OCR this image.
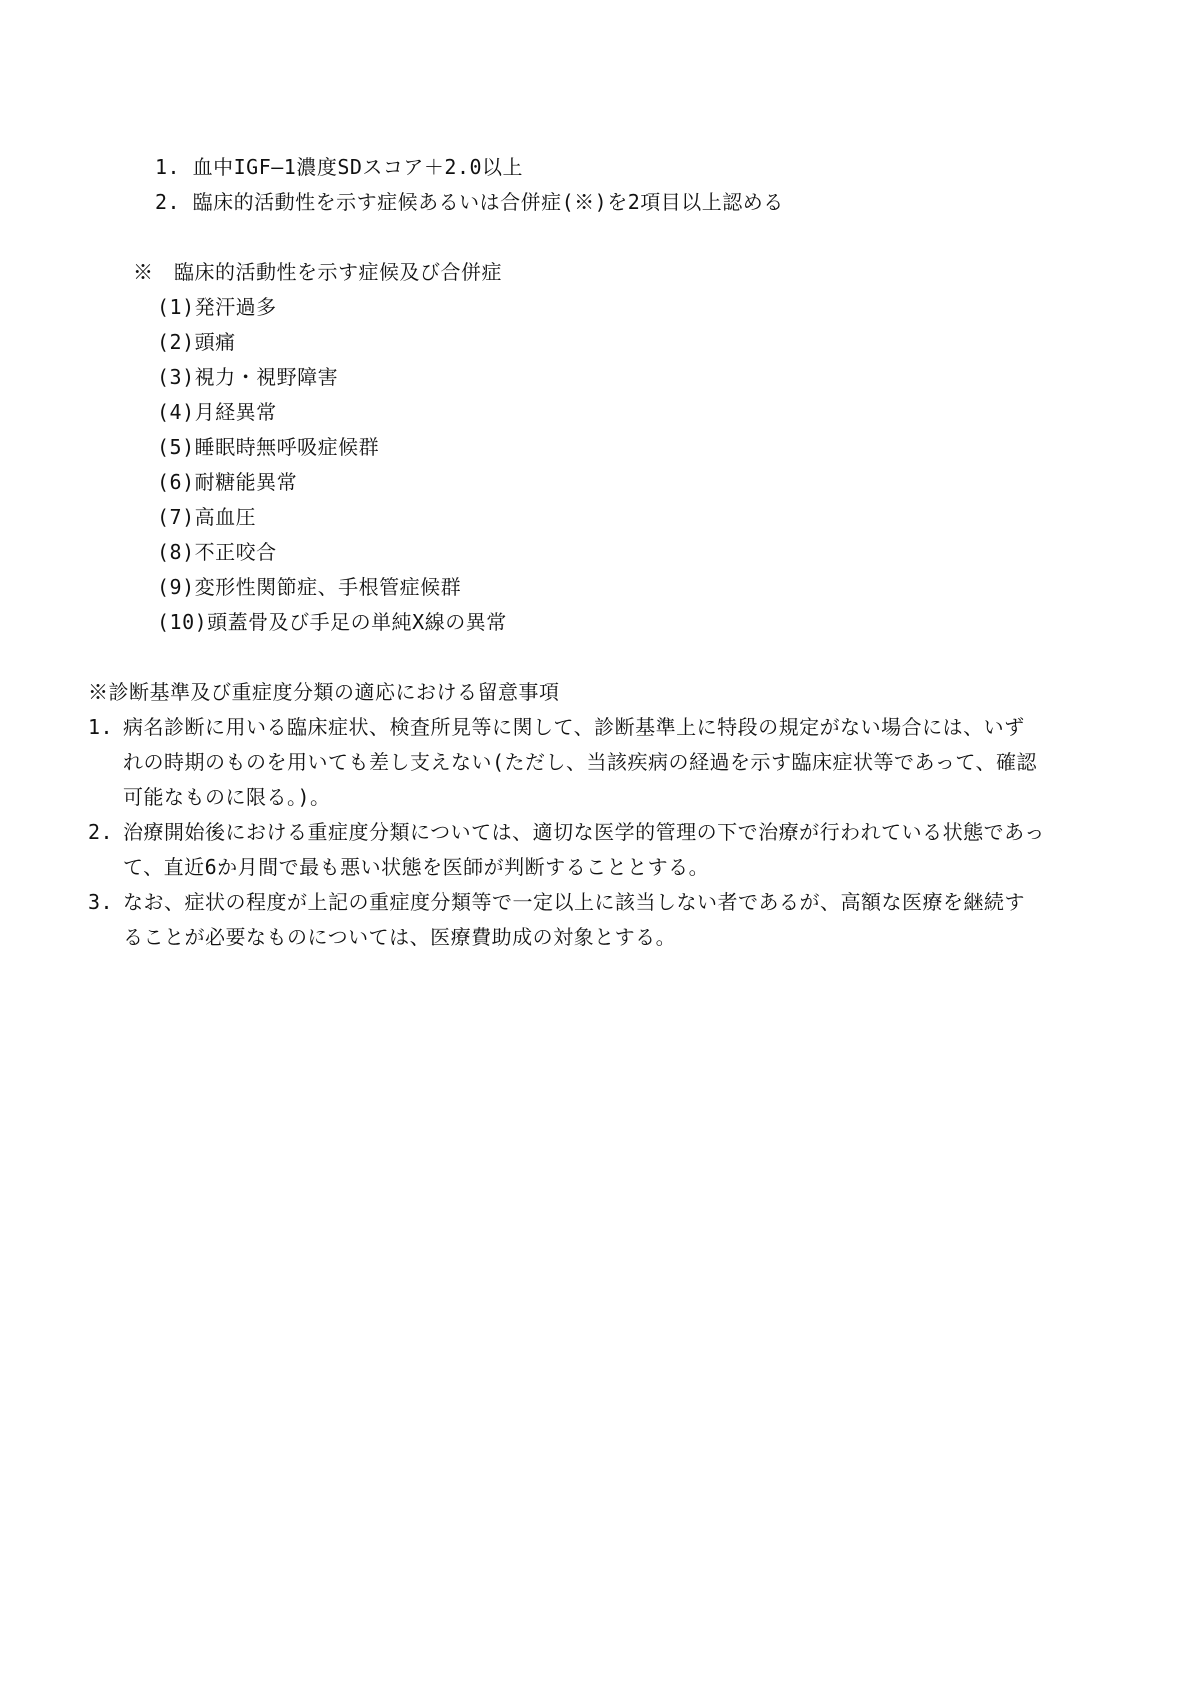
1. 血中IGF—1濃度SDスコア＋2.0以上
2. 臨床的活動性を示す症候あるいは合併症(※)を2項目以上認める
※　臨床的活動性を示す症候及び合併症
(1)発汗過多
(2)頭痛
(3)視力・視野障害
(4)月経異常
(5)睡眠時無呼吸症候群
(6)耐糖能異常
(7)高血圧
(8)不正咬合
(9)変形性関節症、手根管症候群
(10)頭蓋骨及び手足の単純X線の異常
※診断基準及び重症度分類の適応における留意事項
1. 病名診断に用いる臨床症状、検査所見等に関して、診断基準上に特段の規定がない場合には、いず
れの時期のものを用いても差し支えない(ただし、当該疾病の経過を示す臨床症状等であって、確認
可能なものに限る。)。
2. 治療開始後における重症度分類については、適切な医学的管理の下で治療が行われている状態であっ
て、直近6か月間で最も悪い状態を医師が判断することとする。
3. なお、症状の程度が上記の重症度分類等で一定以上に該当しない者であるが、高額な医療を継続す
ることが必要なものについては、医療費助成の対象とする。
